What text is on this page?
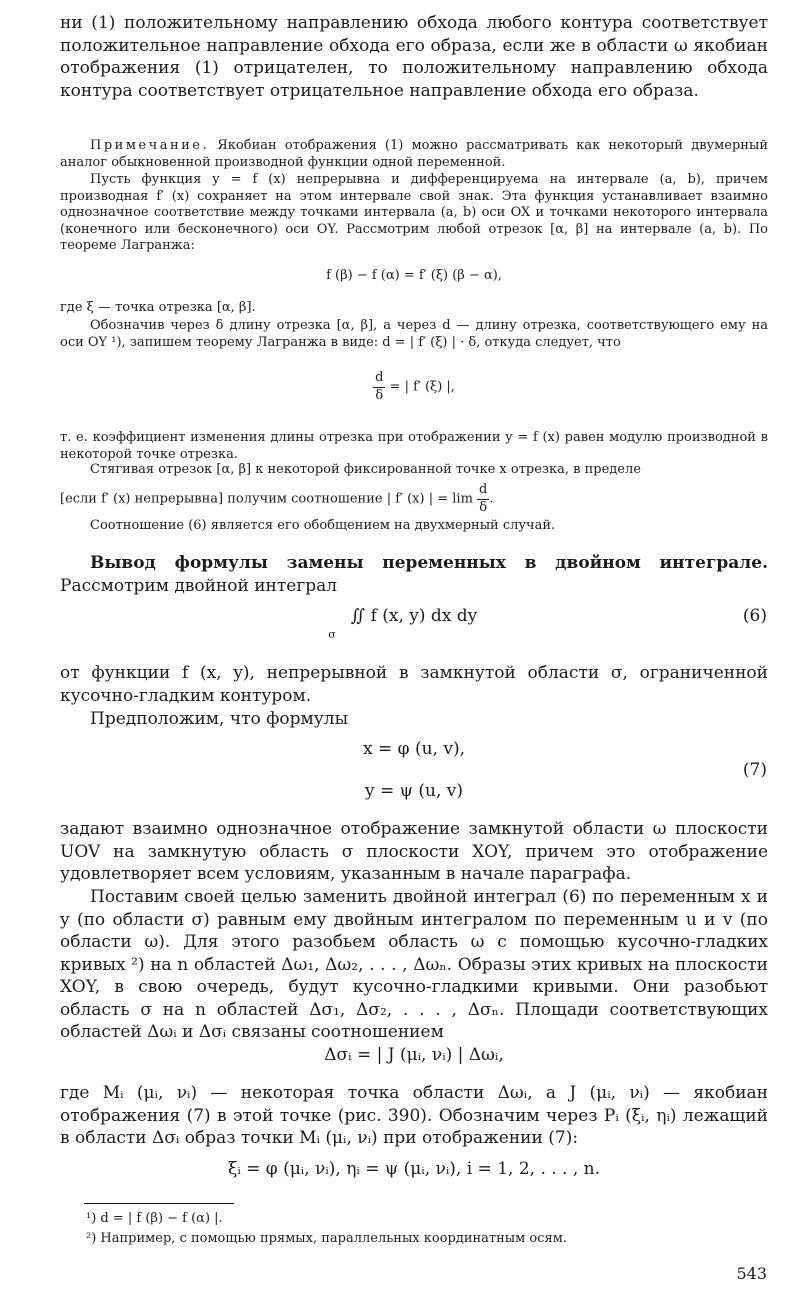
ни (1) положительному направлению обхода любого контура соответствует положительное направление обхода его образа, если же в области ω якобиан отображения (1) отрицателен, то положительному направлению обхода контура соответствует отрицательное направление обхода его образа.

Примечание. Якобиан отображения (1) можно рассматривать как некоторый двумерный аналог обыкновенной производной функции одной переменной.

Пусть функция y = f (x) непрерывна и дифференцируема на интервале (a, b), причем производная f′ (x) сохраняет на этом интервале свой знак. Эта функция устанавливает взаимно однозначное соответствие между точками интервала (a, b) оси OX и точками некоторого интервала (конечного или бесконечного) оси OY. Рассмотрим любой отрезок [α, β] на интервале (a, b). По теореме Лагранжа:

f (β) − f (α) = f′ (ξ) (β − α),

где ξ — точка отрезка [α, β].

Обозначив через δ длину отрезка [α, β], а через d — длину отрезка, соответствующего ему на оси OY ¹), запишем теорему Лагранжа в виде: d = | f′ (ξ) | · δ, откуда следует, что

$\frac{d}{\delta}$ = | f′ (ξ) |,

т. е. коэффициент изменения длины отрезка при отображении y = f (x) равен модулю производной в некоторой точке отрезка.

Стягивая отрезок [α, β] к некоторой фиксированной точке x отрезка, в пределе

[если f′ (x) непрерывна] получим соотношение | f′ (x) | = $\lim \frac{d}{\delta}$ .

Соотношение (6) является его обобщением на двухмерный случай.

Вывод формулы замены переменных в двойном интеграле. Рассмотрим двойной интеграл

∬ f (x, y) dx dy
σ
(6)

от функции f (x, y), непрерывной в замкнутой области σ, ограниченной кусочно-гладким контуром.

Предположим, что формулы

x = φ (u, v),
y = ψ (u, v)
(7)

задают взаимно однозначное отображение замкнутой области ω плоскости UOV на замкнутую область σ плоскости XOY, причем это отображение удовлетворяет всем условиям, указанным в начале параграфа.

Поставим своей целью заменить двойной интеграл (6) по переменным x и y (по области σ) равным ему двойным интегралом по переменным u и v (по области ω). Для этого разобьем область ω с помощью кусочно-гладких кривых ²) на n областей Δω₁, Δω₂, . . . , Δωₙ. Образы этих кривых на плоскости XOY, в свою очередь, будут кусочно-гладкими кривыми. Они разобьют область σ на n областей Δσ₁, Δσ₂, . . . , Δσₙ. Площади соответствующих областей Δωᵢ и Δσᵢ связаны соотношением

Δσᵢ = | J (μᵢ, νᵢ) | Δωᵢ,

где Mᵢ (μᵢ, νᵢ) — некоторая точка области Δωᵢ, а J (μᵢ, νᵢ) — якобиан отображения (7) в этой точке (рис. 390). Обозначим через Pᵢ (ξᵢ, ηᵢ) лежащий в области Δσᵢ образ точки Mᵢ (μᵢ, νᵢ) при отображении (7):

ξᵢ = φ (μᵢ, νᵢ), ηᵢ = ψ (μᵢ, νᵢ), i = 1, 2, . . . , n.

¹) d = | f (β) − f (α) |.

²) Например, с помощью прямых, параллельных координатным осям.

543
